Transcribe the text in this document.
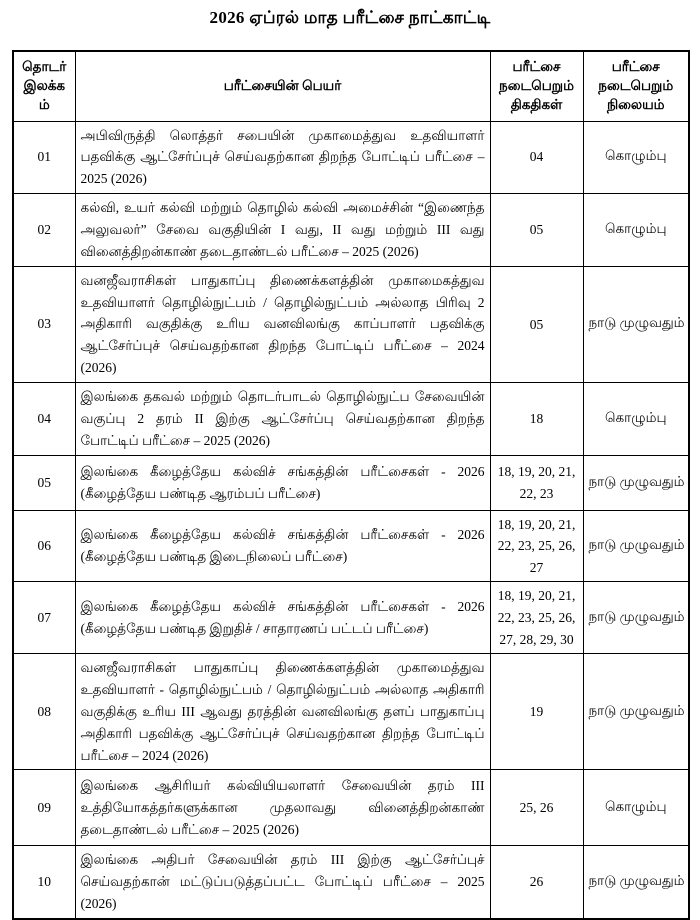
2026 ஏப்ரல் மாத பரீட்சை நாட்காட்டி
தொடர் இலக்கம்	பரீட்சையின் பெயர்	பரீட்சை நடைபெறும் திகதிகள்	பரீட்சை நடைபெறும் நிலையம்
01	அபிவிருத்தி லொத்தர் சபையின் முகாமைத்துவ உதவியாளர் பதவிக்கு ஆட்சேர்ப்புச் செய்வதற்கான திறந்த போட்டிப் பரீட்சை – 2025 (2026)	04	கொழும்பு
02	கல்வி, உயர் கல்வி மற்றும் தொழில் கல்வி அமைச்சின் “இணைந்த அலுவலர்” சேவை வகுதியின் I வது, II வது மற்றும் III வது வினைத்திறன்காண் தடைதாண்டல் பரீட்சை – 2025 (2026)	05	கொழும்பு
03	வனஜீவராசிகள் பாதுகாப்பு திணைக்களத்தின் முகாமைகத்துவ உதவியாளர் தொழில்நுட்பம் / தொழில்நுட்பம் அல்லாத பிரிவு 2 அதிகாரி வகுதிக்கு உரிய வனவிலங்கு காப்பாளர் பதவிக்கு ஆட்சேர்ப்புச் செய்வதற்கான திறந்த போட்டிப் பரீட்சை – 2024 (2026)	05	நாடு முழுவதும்
04	இலங்கை தகவல் மற்றும் தொடர்பாடல் தொழில்நுட்ப சேவையின் வகுப்பு 2 தரம் II இற்கு ஆட்சேர்ப்பு செய்வதற்கான திறந்த போட்டிப் பரீட்சை – 2025 (2026)	18	கொழும்பு
05	இலங்கை கீழைத்தேய கல்விச் சங்கத்தின் பரீட்சைகள் - 2026 (கீழைத்தேய பண்டித ஆரம்பப் பரீட்சை)	18, 19, 20, 21, 22, 23	நாடு முழுவதும்
06	இலங்கை கீழைத்தேய கல்விச் சங்கத்தின் பரீட்சைகள் - 2026 (கீழைத்தேய பண்டித இடைநிலைப் பரீட்சை)	18, 19, 20, 21, 22, 23, 25, 26, 27	நாடு முழுவதும்
07	இலங்கை கீழைத்தேய கல்விச் சங்கத்தின் பரீட்சைகள் - 2026 (கீழைத்தேய பண்டித இறுதிச் / சாதாரணப் பட்டப் பரீட்சை)	18, 19, 20, 21, 22, 23, 25, 26, 27, 28, 29, 30	நாடு முழுவதும்
08	வனஜீவராசிகள் பாதுகாப்பு திணைக்களத்தின் முகாமைத்துவ உதவியாளர் - தொழில்நுட்பம் / தொழில்நுட்பம் அல்லாத அதிகாரி வகுதிக்கு உரிய III ஆவது தரத்தின் வனவிலங்கு தளப் பாதுகாப்பு அதிகாரி பதவிக்கு ஆட்சேர்ப்புச் செய்வதற்கான திறந்த போட்டிப் பரீட்சை – 2024 (2026)	19	நாடு முழுவதும்
09	இலங்கை ஆசிரியர் கல்வியியலாளர் சேவையின் தரம் III உத்தியோகத்தர்களுக்கான முதலாவது வினைத்திறன்காண் தடைதாண்டல் பரீட்சை – 2025 (2026)	25, 26	கொழும்பு
10	இலங்கை அதிபர் சேவையின் தரம் III இற்கு ஆட்சேர்ப்புச் செய்வதற்கான் மட்டுப்படுத்தப்பட்ட போட்டிப் பரீட்சை – 2025 (2026)	26	நாடு முழுவதும்
